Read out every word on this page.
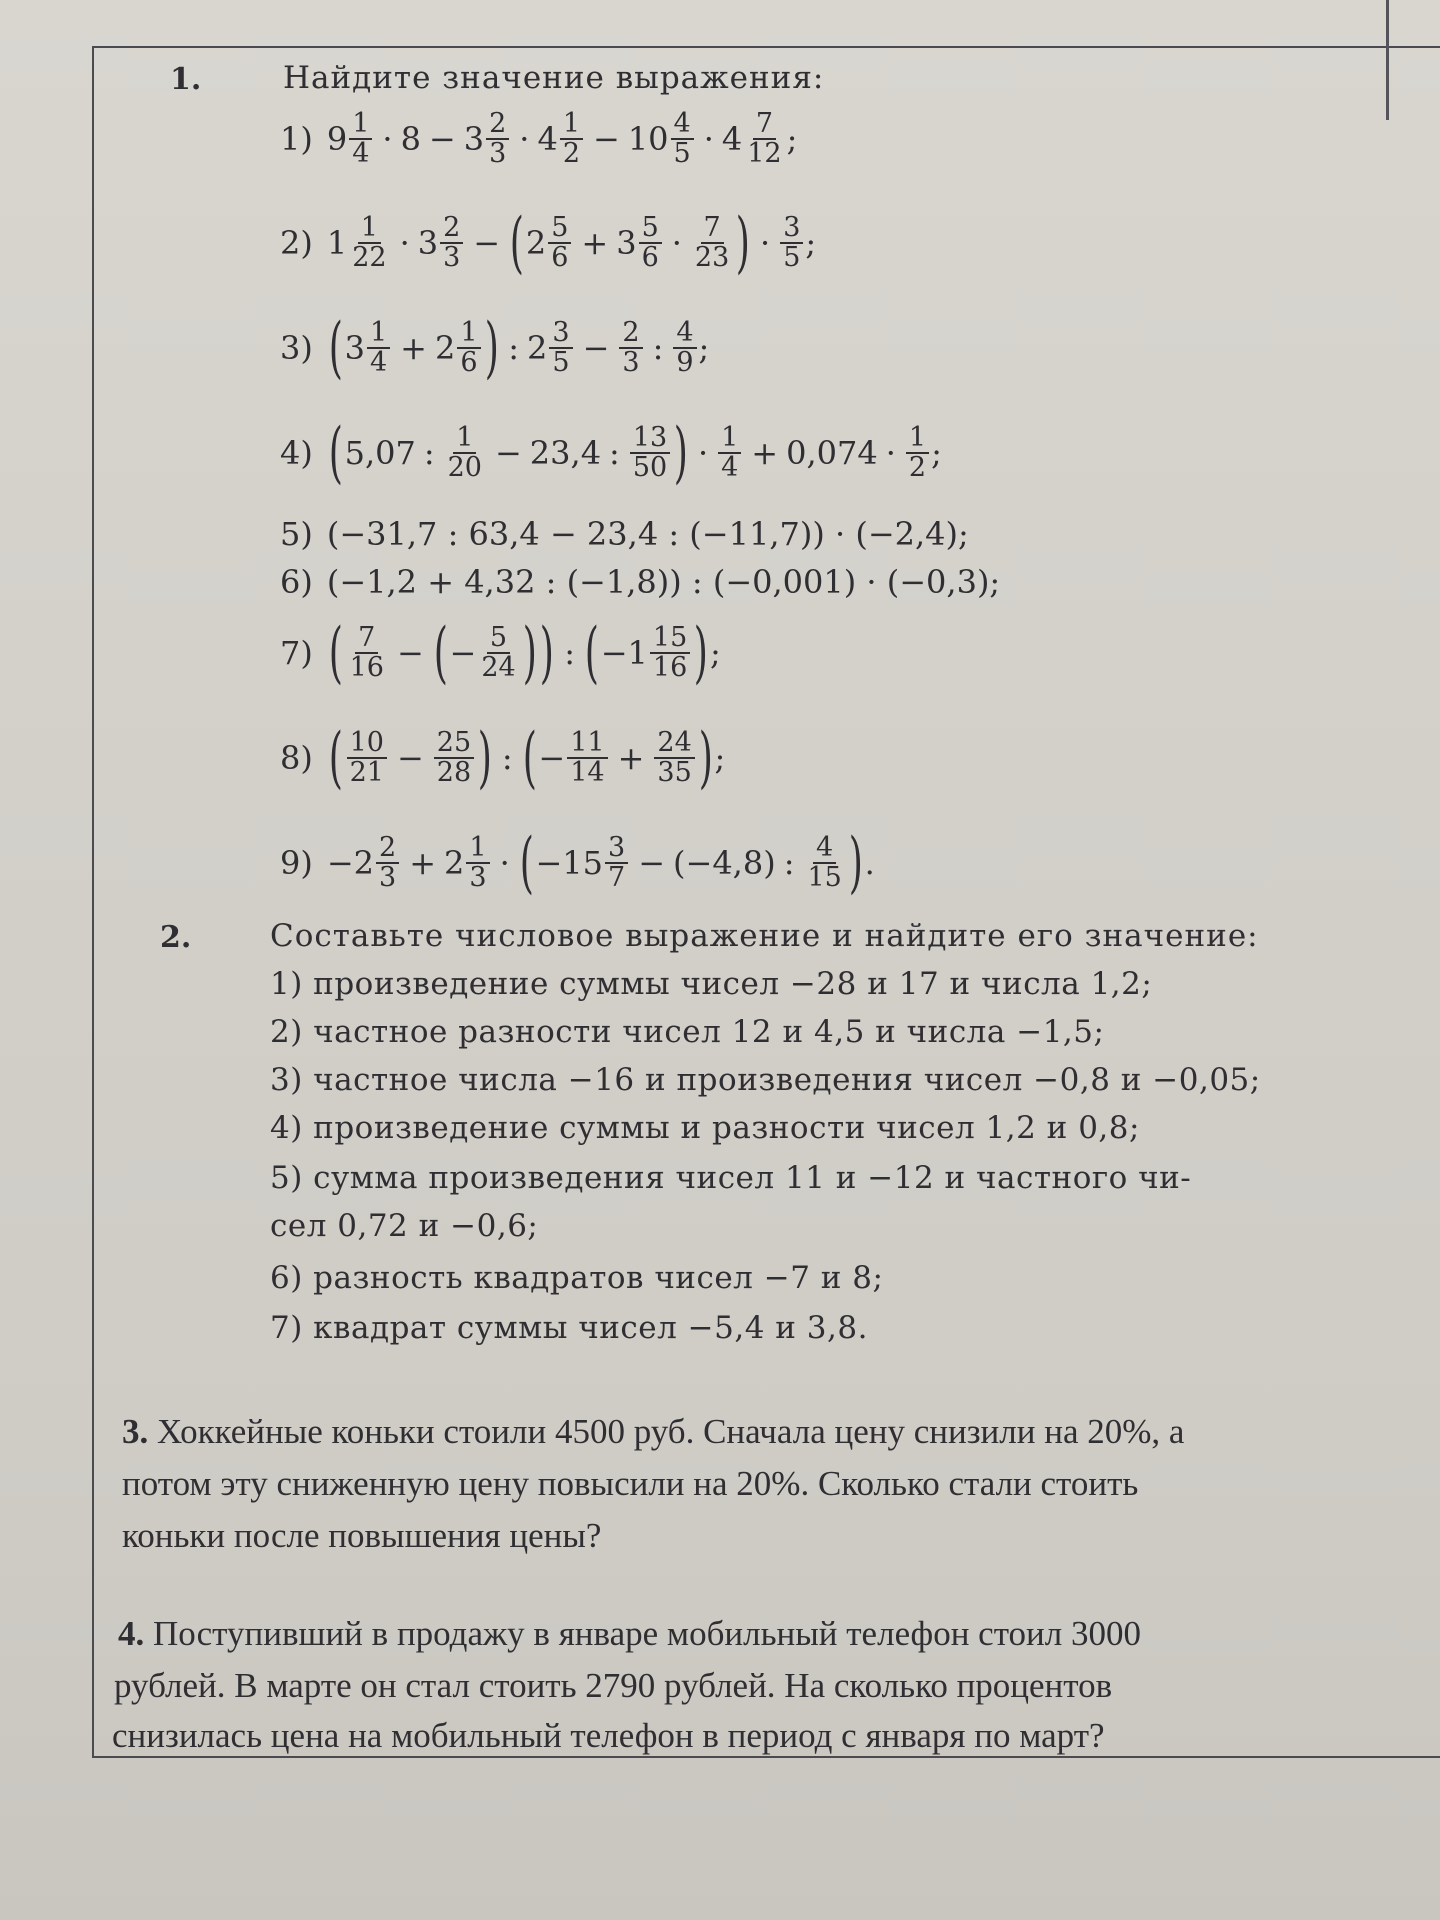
1.	Найдите значение выражения:
1) $9 \frac{1}{4} \cdot 8 - 3 \frac{2}{3} \cdot 4 \frac{1}{2} - 10 \frac{4}{5} \cdot 4 \frac{7}{12}$ ;
2) $1 \frac{1}{22} \cdot 3 \frac{2}{3}$ − ( $2 \frac{5}{6} + 3 \frac{5}{6} \cdot \frac{7}{23}$ ) · $\frac{3}{5}$ ;
3) ( $3 \frac{1}{4} + 2 \frac{1}{6}$ ) : $2 \frac{3}{5} - \frac{2}{3}$ : $\frac{4}{9}$ ;
4) ( 5,07 : $\frac{1}{20} - 23,4$ : $\frac{13}{50}$ ) · $\frac{1}{4} + 0,074 \cdot \frac{1}{2}$ ;
5) (−31,7 : 63,4 − 23,4 : (−11,7)) · (−2,4);
6) (−1,2 + 4,32 : (−1,8)) : (−0,001) · (−0,3);
7) ( $\frac{7}{16}$ − ( − $\frac{5}{24}$ ) ) : ( $-1 \frac{15}{16}$ ) ;
8) ( $\frac{10}{21} - \frac{25}{28}$ ) : ( − $\frac{11}{14} + \frac{24}{35}$ ) ;
$9) -2 \frac{2}{3} + 2 \frac{1}{3}$ · ( $-15 \frac{3}{7} - (-4,8)$ : $\frac{4}{15}$ ) .
2.	Составьте числовое выражение и найдите его значение:
1) произведение суммы чисел −28 и 17 и числа 1,2;
2) частное разности чисел 12 и 4,5 и числа −1,5;
3) частное числа −16 и произведения чисел −0,8 и −0,05;
4) произведение суммы и разности чисел 1,2 и 0,8;
5) сумма произведения чисел 11 и −12 и частного чи-
сел 0,72 и −0,6;
6) разность квадратов чисел −7 и 8;
7) квадрат суммы чисел −5,4 и 3,8.
3. Хоккейные коньки стоили 4500 руб. Сначала цену снизили на 20%, а
потом эту сниженную цену повысили на 20%. Сколько стали стоить
коньки после повышения цены?
4. Поступивший в продажу в январе мобильный телефон стоил 3000
рублей. В марте он стал стоить 2790 рублей. На сколько процентов
снизилась цена на мобильный телефон в период с января по март?
